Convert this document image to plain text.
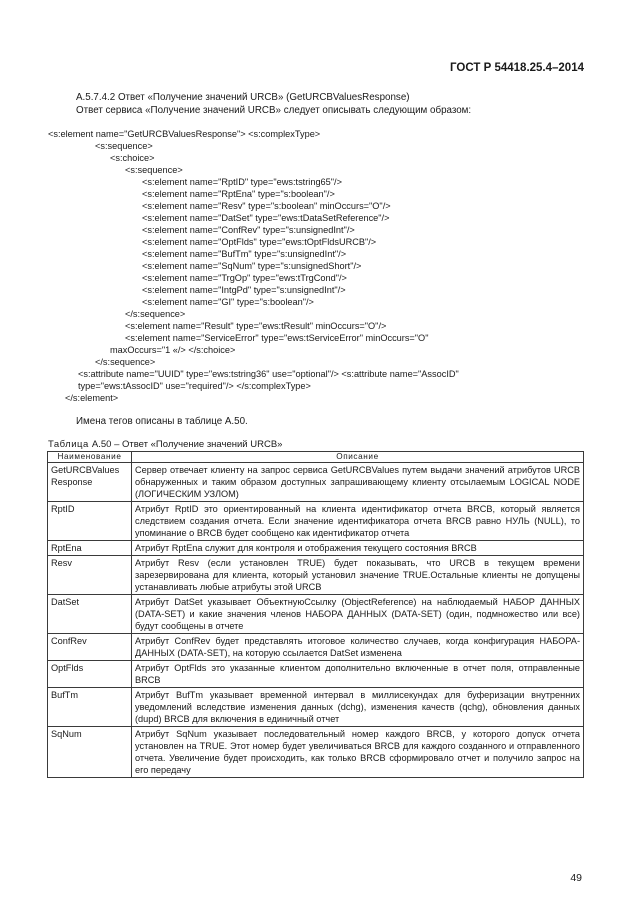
ГОСТ Р 54418.25.4–2014
А.5.7.4.2 Ответ «Получение значений URCB» (GetURCBValuesResponse)
Ответ сервиса «Получение значений URCB» следует описывать следующим образом:
<s:element name="GetURCBValuesResponse"> <s:complexType>
<s:sequence>
<s:choice>
<s:sequence>
<s:element name="RptID" type="ews:tstring65"/>
<s:element name="RptEna" type="s:boolean"/>
<s:element name="Resv" type="s:boolean" minOccurs="O"/>
<s:element name="DatSet" type="ews:tDataSetReference"/>
<s:element name="ConfRev" type="s:unsignedInt"/>
<s:element name="OptFlds" type="ews:tOptFldsURCB"/>
<s:element name="BufTm" type="s:unsignedInt"/>
<s:element name="SqNum" type="s:unsignedShort"/>
<s:element name="TrgOp" type="ews:tTrgCond"/>
<s:element name="IntgPd" type="s:unsignedInt"/>
<s:element name="GI" type="s:boolean"/>
</s:sequence>
<s:element name="Result" type="ews:tResult" minOccurs="O"/>
<s:element name="ServiceError" type="ews:tServiceError" minOccurs="O"
maxOccurs="1 «/> </s:choice>
</s:sequence>
<s:attribute name="UUID" type="ews:tstring36" use="optional"/> <s:attribute name="AssocID"
type="ews:tAssocID" use="required"/> </s:complexType>
</s:element>
Имена тегов описаны в таблице А.50.
Таблица А.50 – Ответ «Получение значений URCB»
Наименование	Описание
GetURCBValues Response	Сервер отвечает клиенту на запрос сервиса GetURCBValues путем выдачи значений атрибутов URCB обнаруженных и таким образом доступных запрашивающему клиенту отсылаемым LOGICAL NODE (ЛОГИЧЕСКИМ УЗЛОМ)
RptID	Атрибут RptID это ориентированный на клиента идентификатор отчета BRCB, который является следствием создания отчета. Если значение идентификатора отчета BRCB равно НУЛЬ (NULL), то упоминание о BRCB будет сообщено как идентификатор отчета
RptEna	Атрибут RptEna служит для контроля и отображения текущего состояния BRCB
Resv	Атрибут Resv (если установлен TRUE) будет показывать, что URCB в текущем времени зарезервирована для клиента, который установил значение TRUE.Остальные клиенты не допущены устанавливать любые атрибуты этой URCB
DatSet	Атрибут DatSet указывает ОбъектнуюСсылку (ObjectReference) на наблюдаемый НАБОР ДАННЫХ (DATA-SET) и какие значения членов НАБОРА ДАННЫХ (DATA-SET) (один, подмножество или все) будут сообщены в отчете
ConfRev	Атрибут ConfRev будет представлять итоговое количество случаев, когда конфигурация НАБОРА-ДАННЫХ (DATA-SET), на которую ссылается DatSet изменена
OptFlds	Атрибут OptFlds это указанные клиентом дополнительно включенные в отчет поля, отправленные BRCB
BufTm	Атрибут BufTm указывает временной интервал в миллисекундах для буферизации внутренних уведомлений вследствие изменения данных (dchg), изменения качеств (qchg), обновления данных (dupd) BRCB для включения в единичный отчет
SqNum	Атрибут SqNum указывает последовательный номер каждого BRCB, у которого допуск отчета установлен на TRUE. Этот номер будет увеличиваться BRCB для каждого созданного и отправленного отчета. Увеличение будет происходить, как только BRCB сформировало отчет и получило запрос на его передачу
49
